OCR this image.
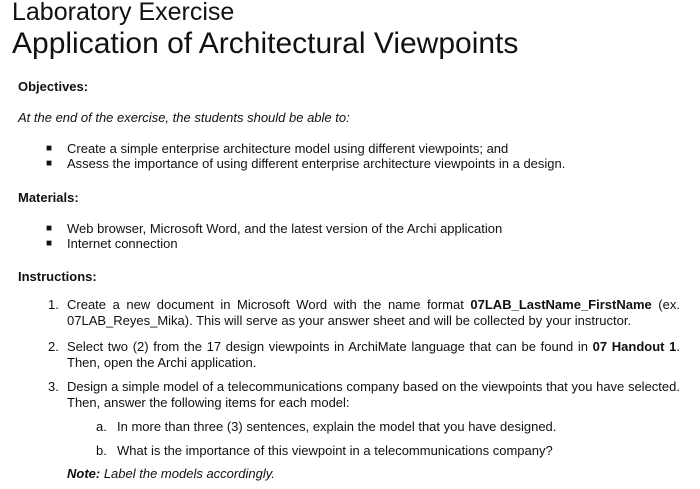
Laboratory Exercise
Application of Architectural Viewpoints
Objectives:
At the end of the exercise, the students should be able to:
■ Create a simple enterprise architecture model using different viewpoints; and
■ Assess the importance of using different enterprise architecture viewpoints in a design.
Materials:
■ Web browser, Microsoft Word, and the latest version of the Archi application
■ Internet connection
Instructions:
1. Create a new document in Microsoft Word with the name format 07LAB_LastName_FirstName (ex. 07LAB_Reyes_Mika). This will serve as your answer sheet and will be collected by your instructor.
2. Select two (2) from the 17 design viewpoints in ArchiMate language that can be found in 07 Handout 1. Then, open the Archi application.
3. Design a simple model of a telecommunications company based on the viewpoints that you have selected. Then, answer the following items for each model:
a. In more than three (3) sentences, explain the model that you have designed.
b. What is the importance of this viewpoint in a telecommunications company?
Note: Label the models accordingly.
